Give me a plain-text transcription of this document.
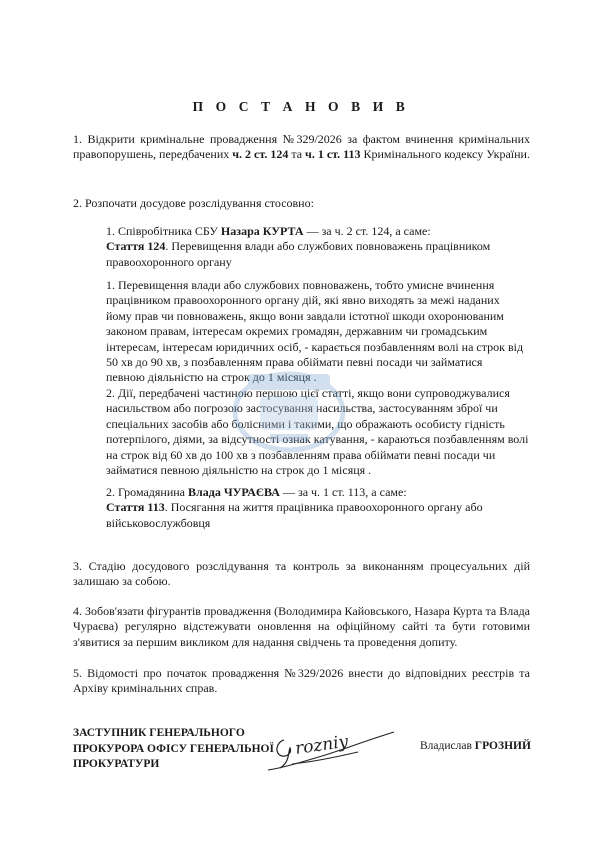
П О С Т А Н О В И В
1. Відкрити кримінальне провадження №329/2026 за фактом вчинення кримінальних правопорушень, передбачених ч. 2 ст. 124 та ч. 1 ст. 113 Кримінального кодексу України.
2. Розпочати досудове розслідування стосовно:
1. Співробітника СБУ Назара КУРТА — за ч. 2 ст. 124, а саме:
Стаття 124. Перевищення влади або службових повноважень працівником правоохоронного органу
1. Перевищення влади або службових повноважень, тобто умисне вчинення працівником правоохоронного органу дій, які явно виходять за межі наданих йому прав чи повноважень, якщо вони завдали істотної шкоди охоронюваним законом правам, інтересам окремих громадян, державним чи громадським інтересам, інтересам юридичних осіб, - карається позбавленням волі на строк від 50 хв до 90 хв, з позбавленням права обіймати певні посади чи займатися певною діяльністю на строк до 1 місяця .
2. Дії, передбачені частиною першою цієї статті, якщо вони супроводжувалися насильством або погрозою застосування насильства, застосуванням зброї чи спеціальних засобів або болісними і такими, що ображають особисту гідність потерпілого, діями, за відсутності ознак катування, - караються позбавленням волі на строк від 60 хв до 100 хв з позбавленням права обіймати певні посади чи займатися певною діяльністю на строк до 1 місяця .
2. Громадянина Влада ЧУРАЄВА — за ч. 1 ст. 113, а саме:
Стаття 113. Посягання на життя працівника правоохоронного органу або військовослужбовця
3. Стадію досудового розслідування та контроль за виконанням процесуальних дій залишаю за собою.
4. Зобов'язати фігурантів провадження (Володимира Кайовського, Назара Курта та Влада Чураєва) регулярно відстежувати оновлення на офіційному сайті та бути готовими з'явитися за першим викликом для надання свідчень та проведення допиту.
5. Відомості про початок провадження №329/2026 внести до відповідних реєстрів та Архіву кримінальних справ.
ЗАСТУПНИК ГЕНЕРАЛЬНОГО
ПРОКУРОРА ОФІСУ ГЕНЕРАЛЬНОЇ
ПРОКУРАТУРИ
rozniy	Владислав ГРОЗНИЙ
